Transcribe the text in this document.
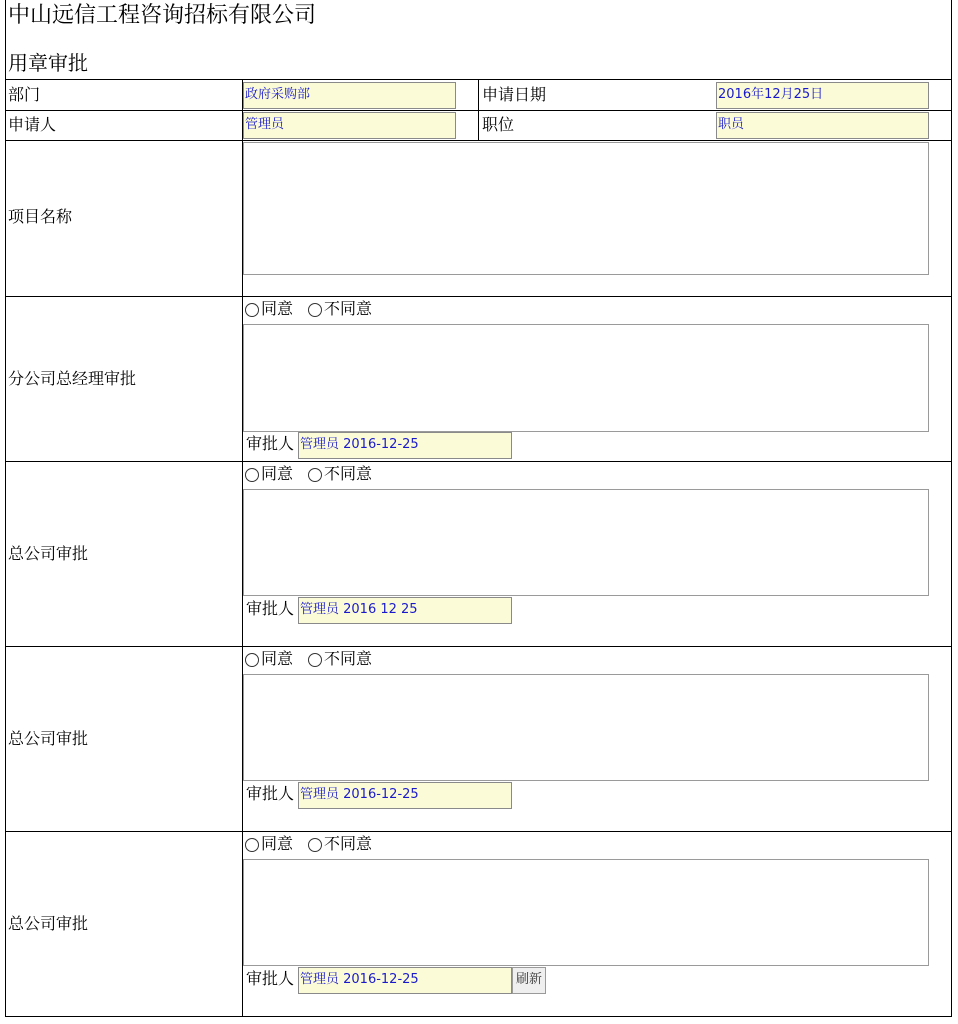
中山远信工程咨询招标有限公司
用章审批
部门	政府采购部	申请日期	2016年12月25日
申请人	管理员	职位	职员
项目名称
分公司总经理审批
同意 不同意
审批人 管理员 2016-12-25
总公司审批
同意 不同意
审批人 管理员 2016 12 25
总公司审批
同意 不同意
审批人 管理员 2016-12-25
总公司审批
同意 不同意
审批人 管理员 2016-12-25	刷新
